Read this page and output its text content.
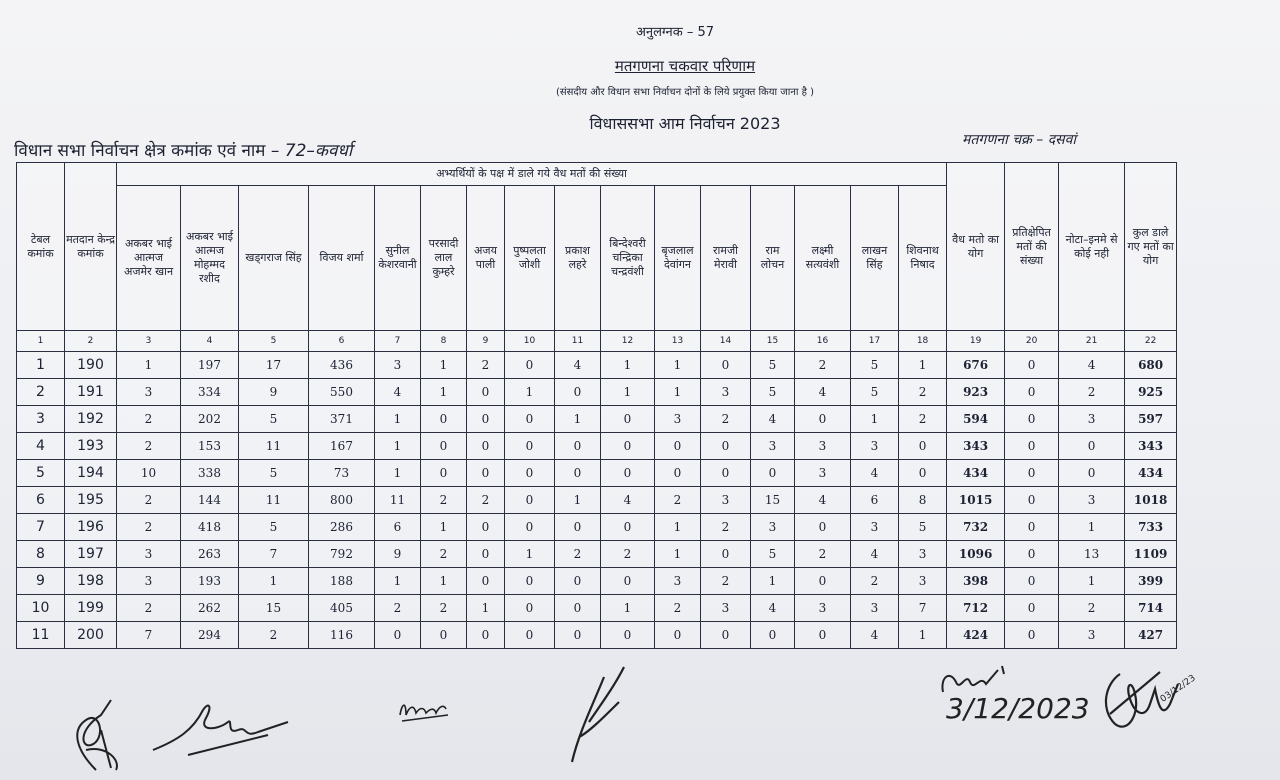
अनुलग्नक – 57
मतगणना चकवार परिणाम
(संसदीय और विधान सभा निर्वाचन दोनों के लिये प्रयुक्त किया जाना है )
विधाससभा आम निर्वाचन 2023
विधान सभा निर्वाचन क्षेत्र कमांक एवं नाम – 72–कवर्धा
मतगणना चक्र – दसवां
टेबल कमांक	मतदान केन्द्र कमांक	अभ्यर्थियों के पक्ष में डाले गये वैध मतों की संख्या																वैध मतो का योग	प्रतिक्षेपित मतों की संख्या	नोटा–इनमे से कोई नही	कुल डाले गए मतों का योग
		अकबर भाई आत्मज अजमेर खान	अकबर भाई आत्मज मोहम्मद रशीद	खड्गराज सिंह	विजय शर्मा	सुनील केशरवानी	परसादी लाल कुम्हरे	अजय पाली	पुष्पलता जोशी	प्रकाश लहरे	बिन्देश्वरी चन्द्रिका चन्द्रवंशी	बृजलाल देवांगन	रामजी मेरावी	राम लोचन	लक्ष्मी सत्यवंशी	लाखन सिंह	शिवनाथ निषाद				
1	2	3	4	5	6	7	8	9	10	11	12	13	14	15	16	17	18	19	20	21	22
1	190	1	197	17	436	3	1	2	0	4	1	1	0	5	2	5	1	676	0	4	680
2	191	3	334	9	550	4	1	0	1	0	1	1	3	5	4	5	2	923	0	2	925
3	192	2	202	5	371	1	0	0	0	1	0	3	2	4	0	1	2	594	0	3	597
4	193	2	153	11	167	1	0	0	0	0	0	0	0	3	3	3	0	343	0	0	343
5	194	10	338	5	73	1	0	0	0	0	0	0	0	0	3	4	0	434	0	0	434
6	195	2	144	11	800	11	2	2	0	1	4	2	3	15	4	6	8	1015	0	3	1018
7	196	2	418	5	286	6	1	0	0	0	0	1	2	3	0	3	5	732	0	1	733
8	197	3	263	7	792	9	2	0	1	2	2	1	0	5	2	4	3	1096	0	13	1109
9	198	3	193	1	188	1	1	0	0	0	0	3	2	1	0	2	3	398	0	1	399
10	199	2	262	15	405	2	2	1	0	0	1	2	3	4	3	3	7	712	0	2	714
11	200	7	294	2	116	0	0	0	0	0	0	0	0	0	0	4	1	424	0	3	427
3/12/2023
03/12/23
